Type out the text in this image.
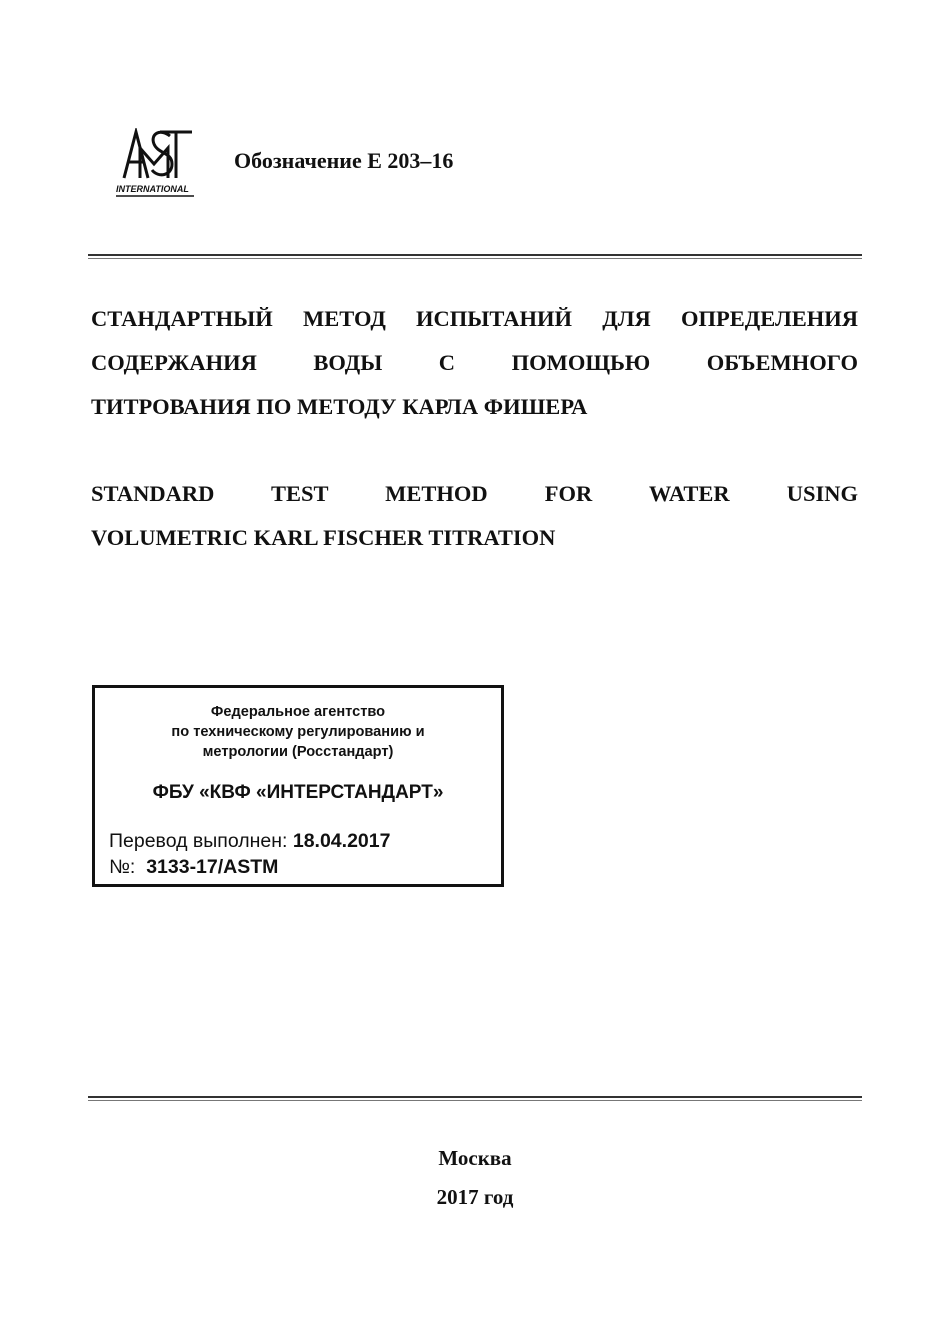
INTERNATIONAL
Обозначение E 203–16
СТАНДАРТНЫЙ МЕТОД ИСПЫТАНИЙ ДЛЯ ОПРЕДЕЛЕНИЯ
СОДЕРЖАНИЯ ВОДЫ С ПОМОЩЬЮ ОБЪЕМНОГО
ТИТРОВАНИЯ ПО МЕТОДУ КАРЛА ФИШЕРА
STANDARD TEST METHOD FOR WATER USING
VOLUMETRIC KARL FISCHER TITRATION
Федеральное агентство
по техническому регулированию и
метрологии (Росстандарт)
ФБУ «КВФ «ИНТЕРСТАНДАРТ»
Перевод выполнен: 18.04.2017
№: 3133-17/ASTM
Москва
2017 год
